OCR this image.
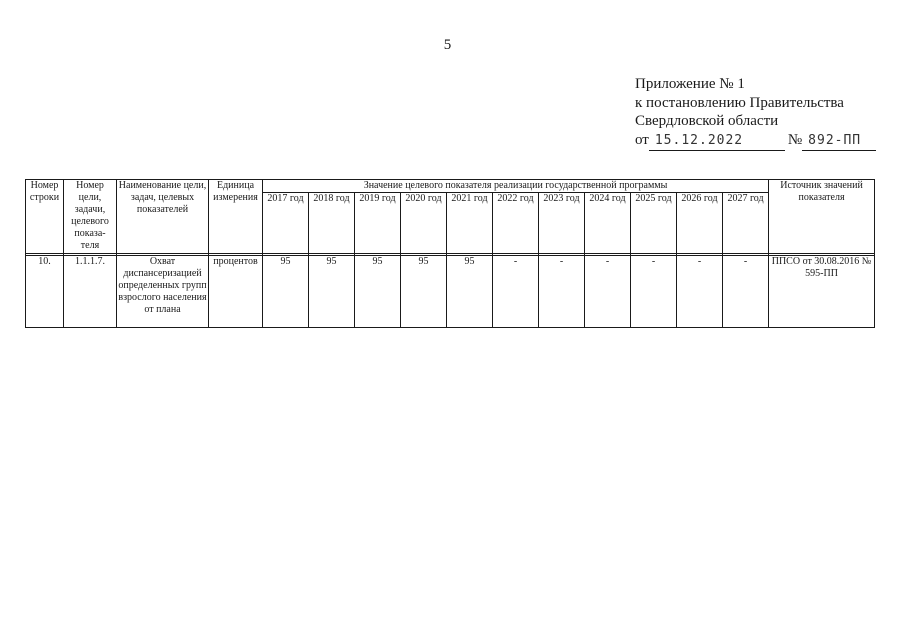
5
Приложение № 1
к постановлению Правительства
Свердловской области
от 15.12.2022	№ 892-ПП
Номер строки	Номер цели, задачи, целевого показа- теля	Наименование цели, задач, целевых показателей	Единица измерения	Значение целевого показателя реализации государственной программы											Источник значений показателя
				2017 год	2018 год	2019 год	2020 год	2021 год	2022 год	2023 год	2024 год	2025 год	2026 год	2027 год	

10.	1.1.1.7.	Охват диспансеризацией определенных групп взрослого населения от плана	процентов	95	95	95	95	95	-	-	-	-	-	-	ППСО от 30.08.2016 № 595-ПП
